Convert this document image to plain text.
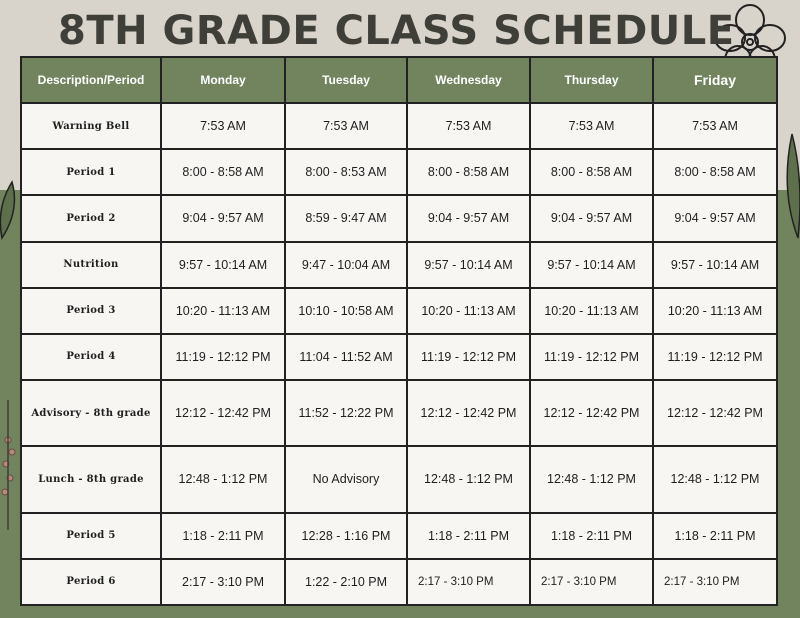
8TH GRADE CLASS SCHEDULE
Description/Period	Monday	Tuesday	Wednesday	Thursday	Friday
Warning Bell	7:53 AM	7:53 AM	7:53 AM	7:53 AM	7:53 AM
Period 1	8:00 - 8:58 AM	8:00 - 8:53 AM	8:00 - 8:58 AM	8:00 - 8:58 AM	8:00 - 8:58 AM
Period 2	9:04 - 9:57 AM	8:59 - 9:47 AM	9:04 - 9:57 AM	9:04 - 9:57 AM	9:04 - 9:57 AM
Nutrition	9:57 - 10:14 AM	9:47 - 10:04 AM	9:57 - 10:14 AM	9:57 - 10:14 AM	9:57 - 10:14 AM
Period 3	10:20 - 11:13 AM	10:10 - 10:58 AM	10:20 - 11:13 AM	10:20 - 11:13 AM	10:20 - 11:13 AM
Period 4	11:19 - 12:12 PM	11:04 - 11:52 AM	11:19 - 12:12 PM	11:19 - 12:12 PM	11:19 - 12:12 PM
Advisory - 8th grade	12:12 - 12:42 PM	11:52 - 12:22 PM	12:12 - 12:42 PM	12:12 - 12:42 PM	12:12 - 12:42 PM
Lunch - 8th grade	12:48 - 1:12 PM	No Advisory	12:48 - 1:12 PM	12:48 - 1:12 PM	12:48 - 1:12 PM
Period 5	1:18 - 2:11 PM	12:28 - 1:16 PM	1:18 - 2:11 PM	1:18 - 2:11 PM	1:18 - 2:11 PM
Period 6	2:17 - 3:10 PM	1:22 - 2:10 PM	2:17 - 3:10 PM	2:17 - 3:10 PM	2:17 - 3:10 PM
